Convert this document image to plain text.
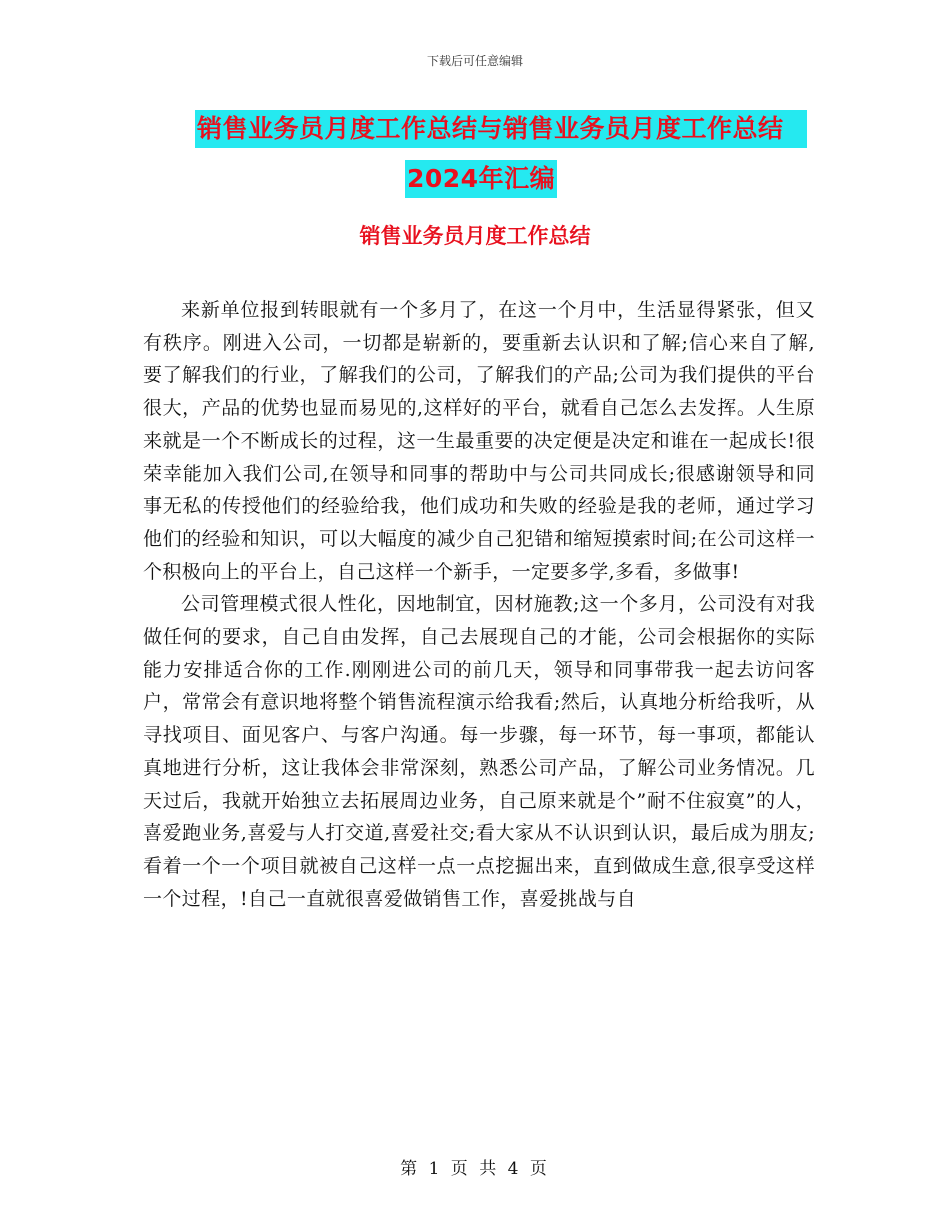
下载后可任意编辑
销售业务员月度工作总结与销售业务员月度工作总结
2024年汇编
销售业务员月度工作总结

来新单位报到转眼就有一个多月了，在这一个月中，生活显得紧张，但又有秩序。刚进入公司，一切都是崭新的，要重新去认识和了解;信心来自了解,要了解我们的行业，了解我们的公司，了解我们的产品;公司为我们提供的平台很大，产品的优势也显而易见的,这样好的平台，就看自己怎么去发挥。人生原来就是一个不断成长的过程，这一生最重要的决定便是决定和谁在一起成长!很荣幸能加入我们公司,在领导和同事的帮助中与公司共同成长;很感谢领导和同事无私的传授他们的经验给我，他们成功和失败的经验是我的老师，通过学习他们的经验和知识，可以大幅度的减少自己犯错和缩短摸索时间;在公司这样一个积极向上的平台上，自己这样一个新手，一定要多学,多看，多做事!

公司管理模式很人性化，因地制宜，因材施教;这一个多月，公司没有对我做任何的要求，自己自由发挥，自己去展现自己的才能，公司会根据你的实际能力安排适合你的工作.刚刚进公司的前几天，领导和同事带我一起去访问客户，常常会有意识地将整个销售流程演示给我看;然后，认真地分析给我听，从寻找项目、面见客户、与客户沟通。每一步骤，每一环节，每一事项，都能认真地进行分析，这让我体会非常深刻，熟悉公司产品，了解公司业务情况。几天过后，我就开始独立去拓展周边业务，自己原来就是个”耐不住寂寞”的人，喜爱跑业务,喜爱与人打交道,喜爱社交;看大家从不认识到认识，最后成为朋友;看着一个一个项目就被自己这样一点一点挖掘出来，直到做成生意,很享受这样一个过程，!自己一直就很喜爱做销售工作，喜爱挑战与自

第 1 页 共 4 页
